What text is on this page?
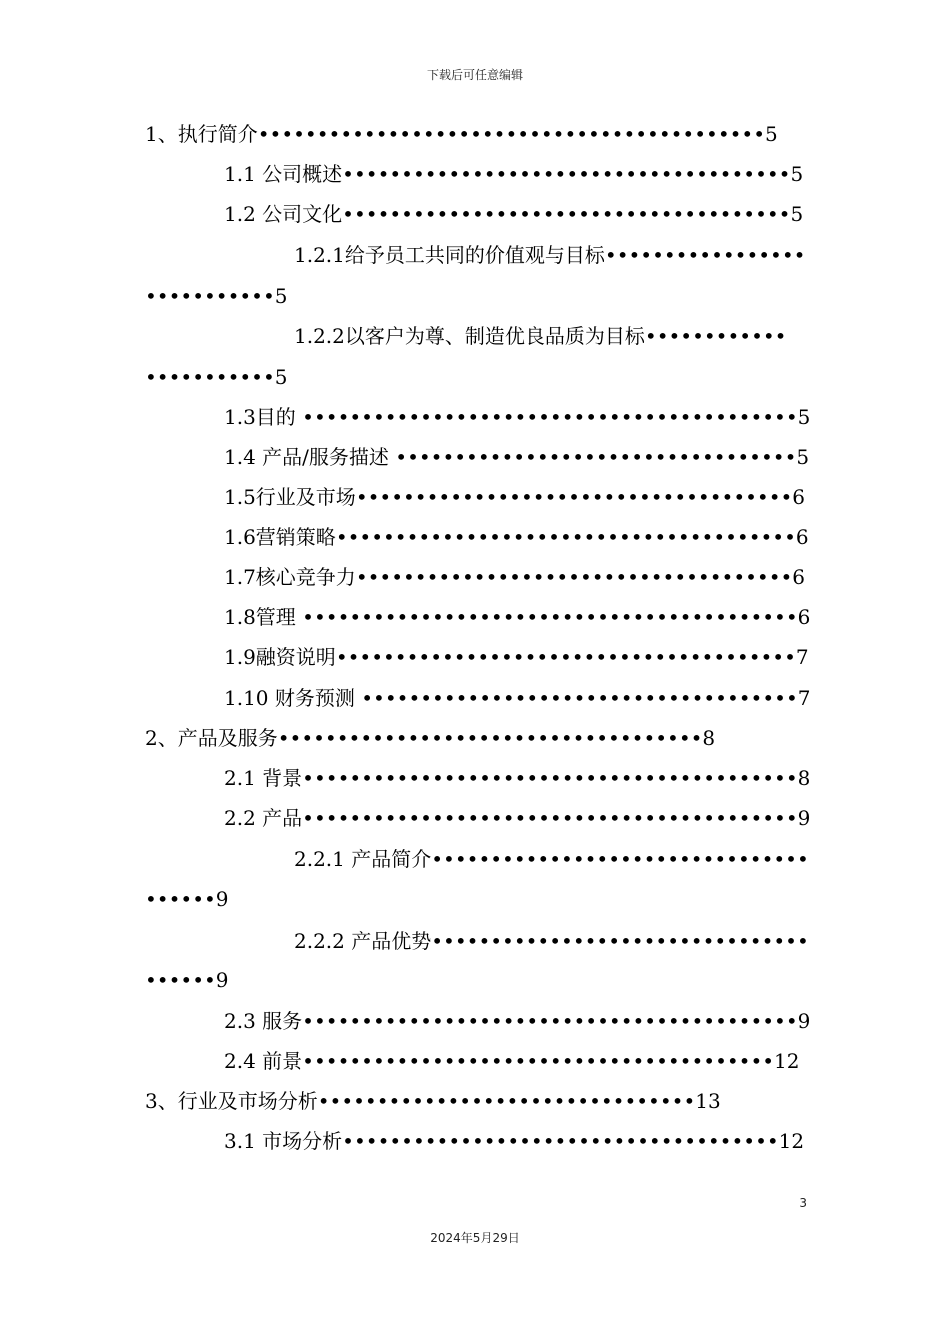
下载后可任意编辑
1、执行简介•••••••••••••••••••••••••••••••••••••••••••5
1.1 公司概述••••••••••••••••••••••••••••••••••••••5
1.2 公司文化••••••••••••••••••••••••••••••••••••••5
1.2.1给予员工共同的价值观与目标•••••••••••••••••
•••••••••••5
1.2.2以客户为尊、制造优良品质为目标••••••••••••
•••••••••••5
1.3目的 ••••••••••••••••••••••••••••••••••••••••••5
1.4 产品/服务描述 ••••••••••••••••••••••••••••••••••5
1.5行业及市场•••••••••••••••••••••••••••••••••••••6
1.6营销策略•••••••••••••••••••••••••••••••••••••••6
1.7核心竞争力•••••••••••••••••••••••••••••••••••••6
1.8管理 ••••••••••••••••••••••••••••••••••••••••••6
1.9融资说明•••••••••••••••••••••••••••••••••••••••7
1.10 财务预测 •••••••••••••••••••••••••••••••••••••7
2、产品及服务••••••••••••••••••••••••••••••••••••8
2.1 背景••••••••••••••••••••••••••••••••••••••••••8
2.2 产品••••••••••••••••••••••••••••••••••••••••••9
2.2.1 产品简介••••••••••••••••••••••••••••••••
••••••9
2.2.2 产品优势••••••••••••••••••••••••••••••••
••••••9
2.3 服务••••••••••••••••••••••••••••••••••••••••••9
2.4 前景••••••••••••••••••••••••••••••••••••••••12
3、行业及市场分析••••••••••••••••••••••••••••••••13
3.1 市场分析•••••••••••••••••••••••••••••••••••••12
3
2024年5月29日
